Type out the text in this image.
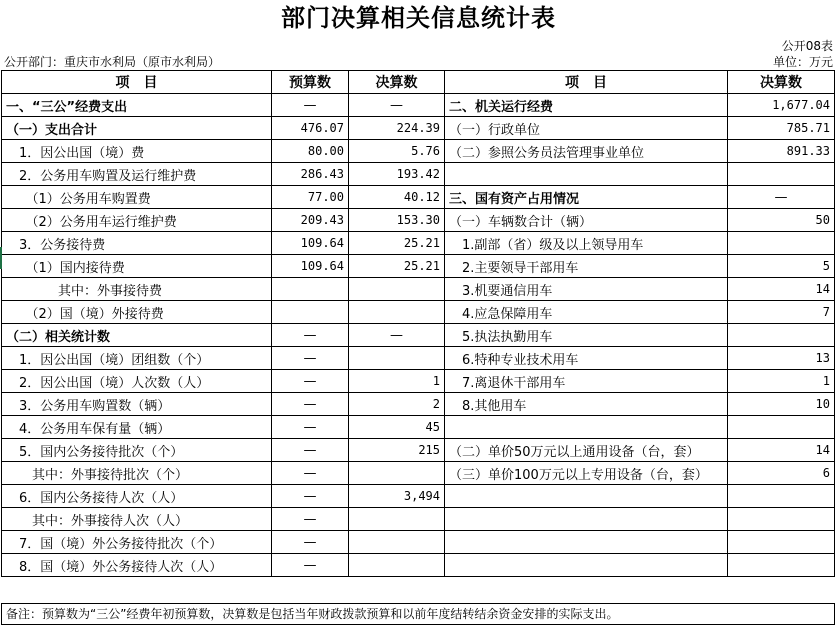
部门决算相关信息统计表
公开08表
公开部门：重庆市水利局（原市水利局）	单位：万元
项　目	预算数	决算数	项　目	决算数
一、“三公”经费支出	—	—	二、机关运行经费	1,677.04
（一）支出合计	476.07	224.39	（一）行政单位	785.71
　1．因公出国（境）费	80.00	5.76	（二）参照公务员法管理事业单位	891.33
　2．公务用车购置及运行维护费	286.43	193.42		
　　（1）公务用车购置费	77.00	40.12	三、国有资产占用情况	—
　　（2）公务用车运行维护费	209.43	153.30	（一）车辆数合计（辆）	50
　3．公务接待费	109.64	25.21	　1.副部（省）级及以上领导用车	
　　（1）国内接待费	109.64	25.21	　2.主要领导干部用车	5
　　　　其中：外事接待费			　3.机要通信用车	14
　　（2）国（境）外接待费			　4.应急保障用车	7
（二）相关统计数	—	—	　5.执法执勤用车	
　1．因公出国（境）团组数（个）	—		　6.特种专业技术用车	13
　2．因公出国（境）人次数（人）	—	1	　7.离退休干部用车	1
　3．公务用车购置数（辆）	—	2	　8.其他用车	10
　4．公务用车保有量（辆）	—	45		
　5．国内公务接待批次（个）	—	215	（二）单价50万元以上通用设备（台，套）	14
　　其中：外事接待批次（个）	—		（三）单价100万元以上专用设备（台，套）	6
　6．国内公务接待人次（人）	—	3,494		
　　其中：外事接待人次（人）	—			
　7．国（境）外公务接待批次（个）	—			
　8．国（境）外公务接待人次（人）	—			
备注：预算数为“三公”经费年初预算数，决算数是包括当年财政拨款预算和以前年度结转结余资金安排的实际支出。
